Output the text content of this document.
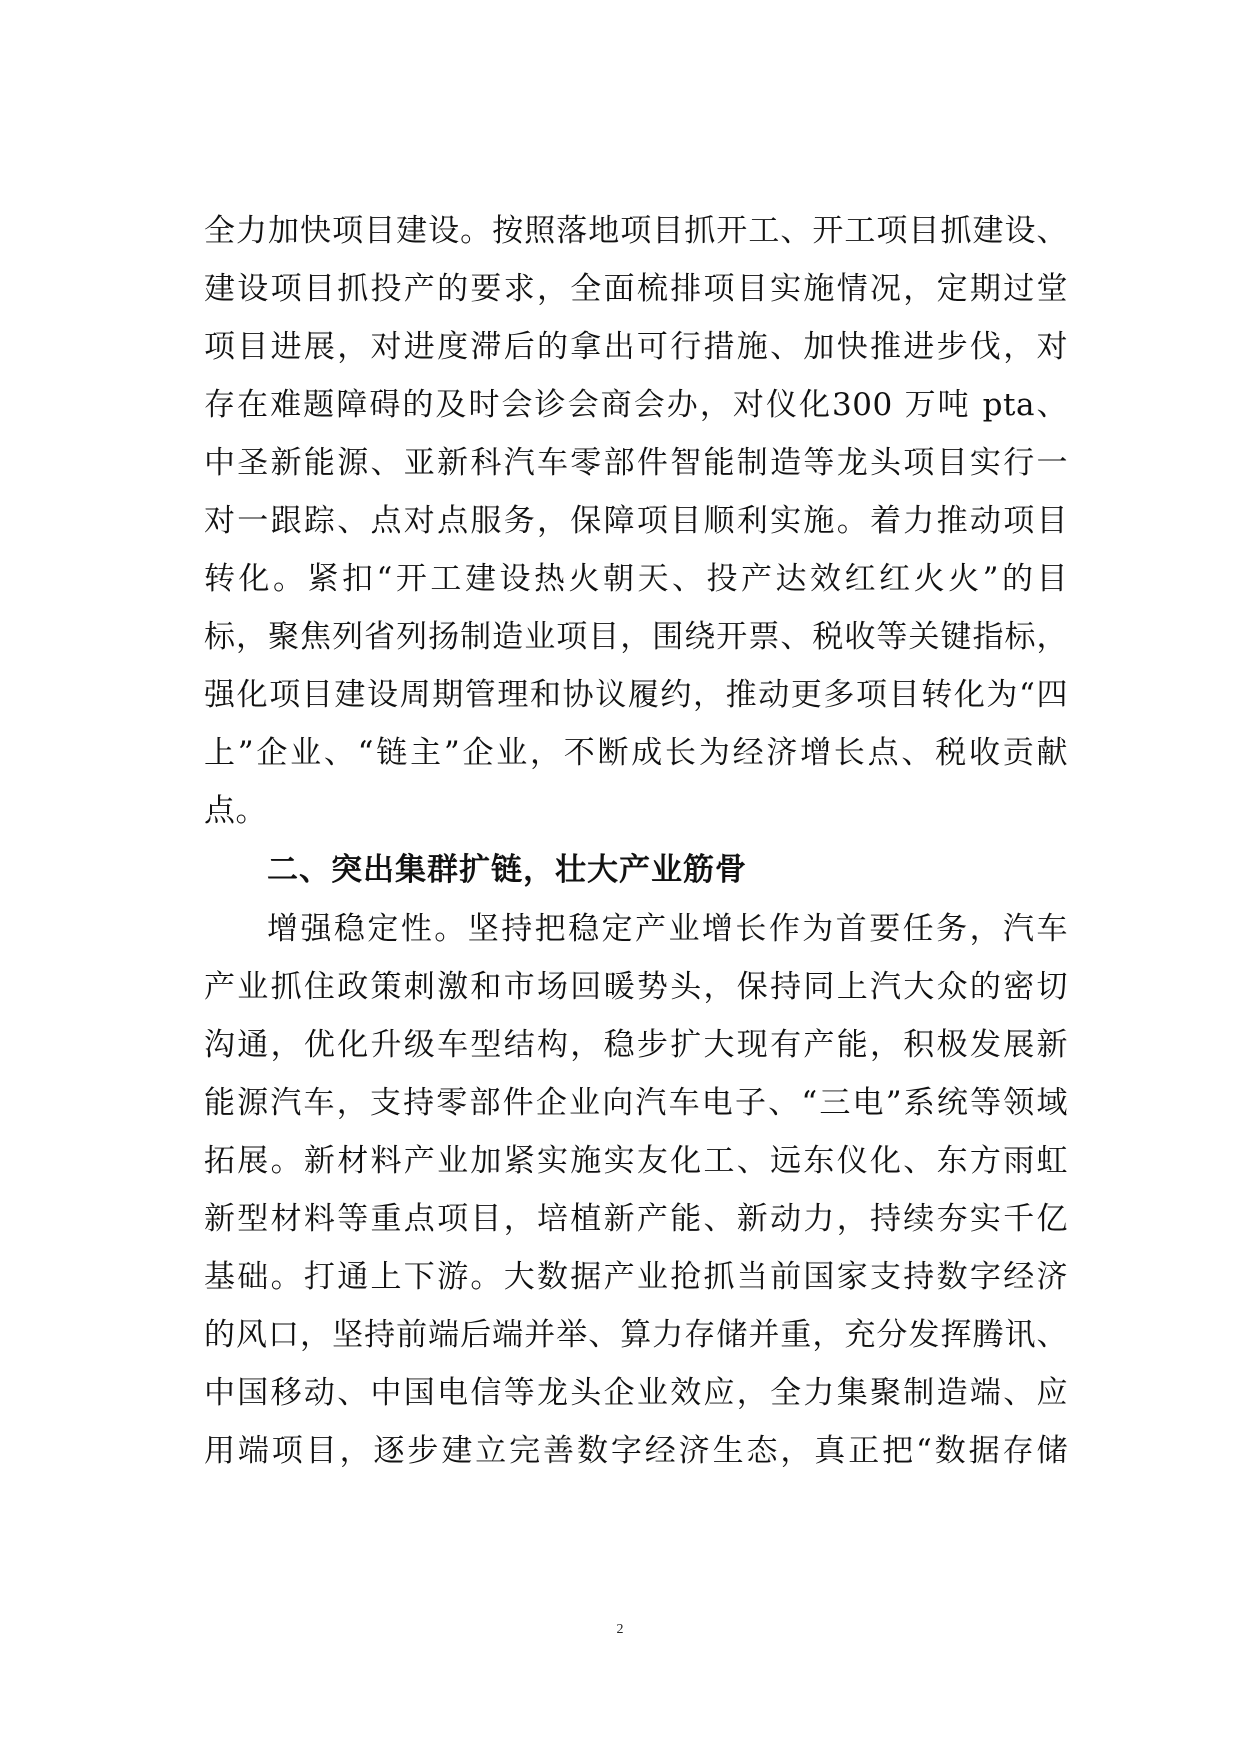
全力加快项目建设。按照落地项目抓开工、开工项目抓建设、
建设项目抓投产的要求，全面梳排项目实施情况，定期过堂
项目进展，对进度滞后的拿出可行措施、加快推进步伐，对
存在难题障碍的及时会诊会商会办，对仪化300 万吨 pta、
中圣新能源、亚新科汽车零部件智能制造等龙头项目实行一
对一跟踪、点对点服务，保障项目顺利实施。着力推动项目
转化。紧扣“开工建设热火朝天、投产达效红红火火”的目
标，聚焦列省列扬制造业项目，围绕开票、税收等关键指标，
强化项目建设周期管理和协议履约，推动更多项目转化为“四
上”企业、“链主”企业，不断成长为经济增长点、税收贡献
点。
二、突出集群扩链，壮大产业筋骨
增强稳定性。坚持把稳定产业增长作为首要任务，汽车
产业抓住政策刺激和市场回暖势头，保持同上汽大众的密切
沟通，优化升级车型结构，稳步扩大现有产能，积极发展新
能源汽车，支持零部件企业向汽车电子、“三电”系统等领域
拓展。新材料产业加紧实施实友化工、远东仪化、东方雨虹
新型材料等重点项目，培植新产能、新动力，持续夯实千亿
基础。打通上下游。大数据产业抢抓当前国家支持数字经济
的风口，坚持前端后端并举、算力存储并重，充分发挥腾讯、
中国移动、中国电信等龙头企业效应，全力集聚制造端、应
用端项目，逐步建立完善数字经济生态，真正把“数据存储
2
